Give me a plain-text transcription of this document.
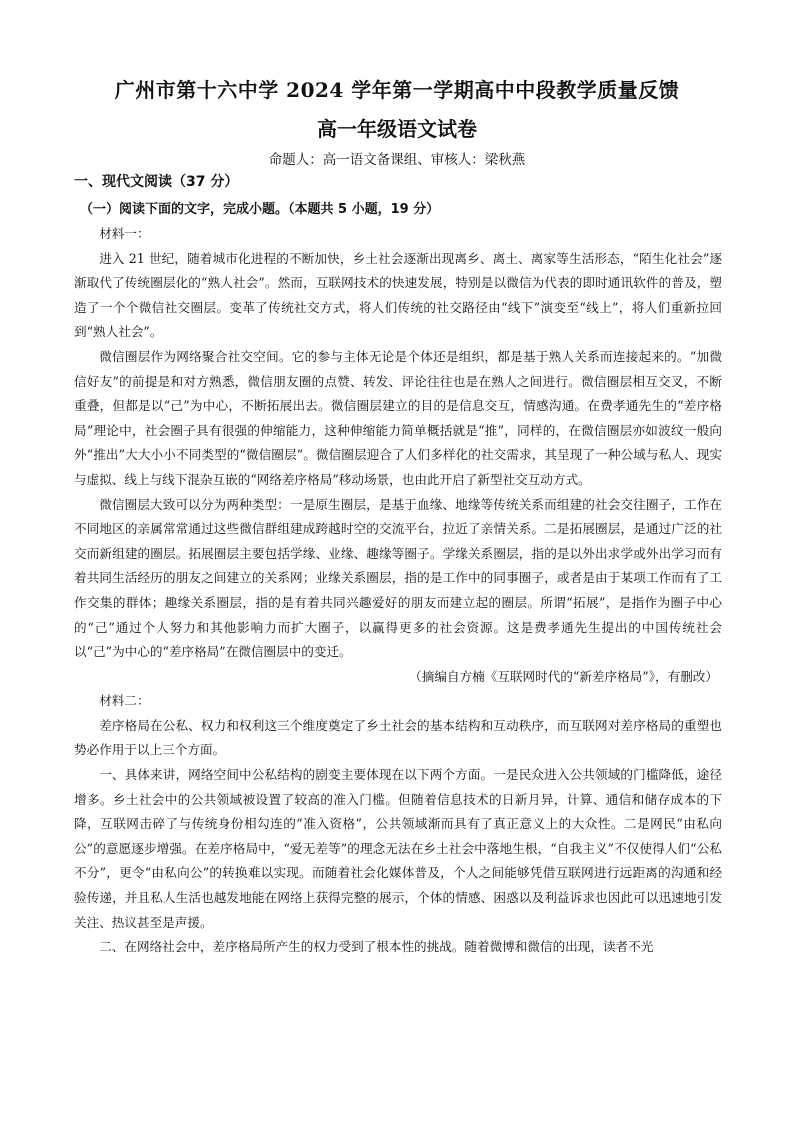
广州市第十六中学 2024 学年第一学期高中中段教学质量反馈
高一年级语文试卷
命题人：高一语文备课组、审核人：梁秋燕
一、现代文阅读（37 分）
（一）阅读下面的文字，完成小题。（本题共 5 小题，19 分）

材料一：

进入 21 世纪，随着城市化进程的不断加快，乡土社会逐渐出现离乡、离土、离家等生活形态，“陌生化社会”逐渐取代了传统圈层化的“熟人社会”。然而，互联网技术的快速发展，特别是以微信为代表的即时通讯软件的普及，塑造了一个个微信社交圈层。变革了传统社交方式，将人们传统的社交路径由“线下”演变至“线上”，将人们重新拉回到“熟人社会”。

微信圈层作为网络聚合社交空间。它的参与主体无论是个体还是组织，都是基于熟人关系而连接起来的。“加微信好友”的前提是和对方熟悉，微信朋友圈的点赞、转发、评论往往也是在熟人之间进行。微信圈层相互交叉，不断重叠，但都是以“己”为中心，不断拓展出去。微信圈层建立的目的是信息交互，情感沟通。在费孝通先生的“差序格局”理论中，社会圈子具有很强的伸缩能力，这种伸缩能力简单概括就是“推”，同样的，在微信圈层亦如波纹一般向外“推出”大大小小不同类型的“微信圈层”。微信圈层迎合了人们多样化的社交需求，其呈现了一种公域与私人、现实与虚拟、线上与线下混杂互嵌的“网络差序格局”移动场景，也由此开启了新型社交互动方式。

微信圈层大致可以分为两种类型：一是原生圈层，是基于血缘、地缘等传统关系而组建的社会交往圈子，工作在不同地区的亲属常常通过这些微信群组建成跨越时空的交流平台，拉近了亲情关系。二是拓展圈层，是通过广泛的社交而新组建的圈层。拓展圈层主要包括学缘、业缘、趣缘等圈子。学缘关系圈层，指的是以外出求学或外出学习而有着共同生活经历的朋友之间建立的关系网；业缘关系圈层，指的是工作中的同事圈子，或者是由于某项工作而有了工作交集的群体；趣缘关系圈层，指的是有着共同兴趣爱好的朋友而建立起的圈层。所谓“拓展”，是指作为圈子中心的“己”通过个人努力和其他影响力而扩大圈子，以赢得更多的社会资源。这是费孝通先生提出的中国传统社会以“己”为中心的“差序格局”在微信圈层中的变迁。

（摘编自方楠《互联网时代的“新差序格局”》，有删改）

材料二：

差序格局在公私、权力和权利这三个维度奠定了乡土社会的基本结构和互动秩序，而互联网对差序格局的重塑也势必作用于以上三个方面。

一、具体来讲，网络空间中公私结构的剧变主要体现在以下两个方面。一是民众进入公共领域的门槛降低，途径增多。乡土社会中的公共领域被设置了较高的准入门槛。但随着信息技术的日新月异，计算、通信和储存成本的下降，互联网击碎了与传统身份相勾连的“准入资格”，公共领域渐而具有了真正意义上的大众性。二是网民“由私向公”的意愿逐步增强。在差序格局中，“爱无差等”的理念无法在乡土社会中落地生根，“自我主义”不仅使得人们“公私不分”，更令“由私向公”的转换难以实现。而随着社会化媒体普及，个人之间能够凭借互联网进行远距离的沟通和经验传递，并且私人生活也越发地能在网络上获得完整的展示，个体的情感、困惑以及利益诉求也因此可以迅速地引发关注、热议甚至是声援。

二、在网络社会中，差序格局所产生的权力受到了根本性的挑战。随着微博和微信的出现，读者不光
